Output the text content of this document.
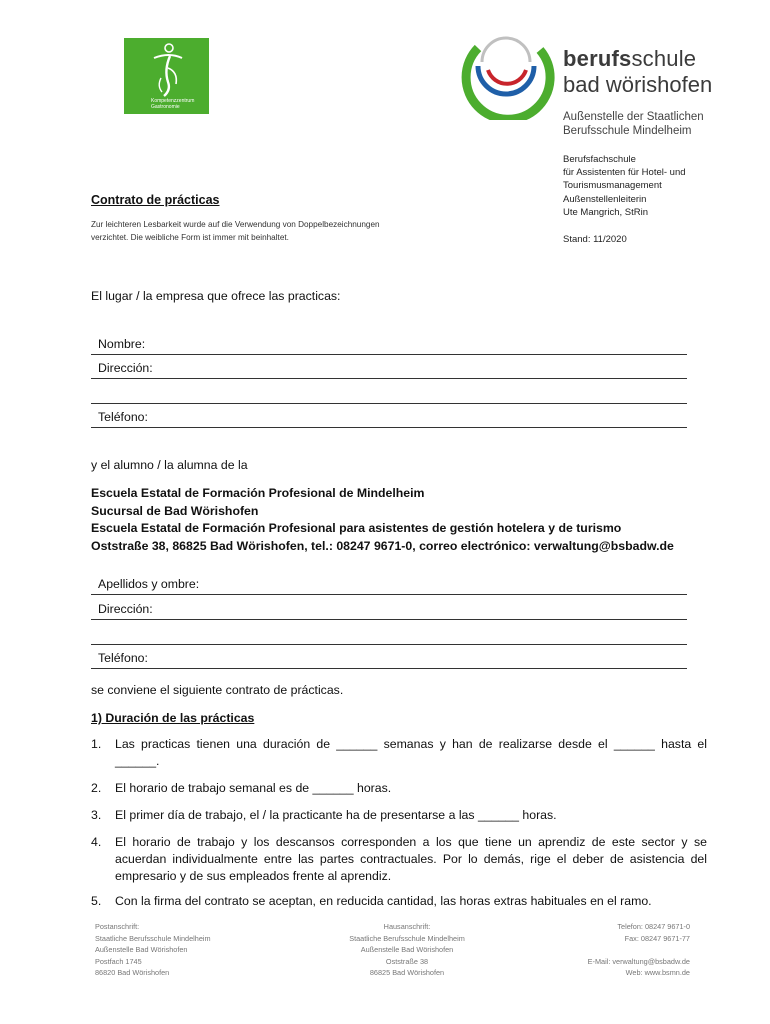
Kompetenzzentrum
Gastronomie
berufsschule
bad wörishofen
Außenstelle der Staatlichen
Berufsschule Mindelheim
Berufsfachschule
für Assistenten für Hotel- und
Tourismusmanagement
Außenstellenleiterin
Ute Mangrich, StRin
Stand: 11/2020
Contrato de prácticas
Zur leichteren Lesbarkeit wurde auf die Verwendung von Doppelbezeichnungen
verzichtet. Die weibliche Form ist immer mit beinhaltet.
El lugar / la empresa que ofrece las practicas:
Nombre:
Dirección:
Teléfono:
y el alumno / la alumna de la
Escuela Estatal de Formación Profesional de Mindelheim
Sucursal de Bad Wörishofen
Escuela Estatal de Formación Profesional para asistentes de gestión hotelera y de turismo
Oststraße 38, 86825 Bad Wörishofen, tel.: 08247 9671-0, correo electrónico: verwaltung@bsbadw.de
Apellidos y ombre:
Dirección:
Teléfono:
se conviene el siguiente contrato de prácticas.
1) Duración de las prácticas
1. Las practicas tienen una duración de ______ semanas y han de realizarse desde el ______ hasta el ______.
2. El horario de trabajo semanal es de ______ horas.
3. El primer día de trabajo, el / la practicante ha de presentarse a las ______ horas.
4. El horario de trabajo y los descansos corresponden a los que tiene un aprendiz de este sector y se acuerdan individualmente entre las partes contractuales. Por lo demás, rige el deber de asistencia del empresario y de sus empleados frente al aprendiz.
5. Con la firma del contrato se aceptan, en reducida cantidad, las horas extras habituales en el ramo.
Postanschrift:
Staatliche Berufsschule Mindelheim
Außenstelle Bad Wörishofen
Postfach 1745
86820 Bad Wörishofen
Hausanschrift:
Staatliche Berufsschule Mindelheim
Außenstelle Bad Wörishofen
Oststraße 38
86825 Bad Wörishofen
Telefon: 08247 9671-0
Fax: 08247 9671-77

E-Mail: verwaltung@bsbadw.de
Web: www.bsmn.de
